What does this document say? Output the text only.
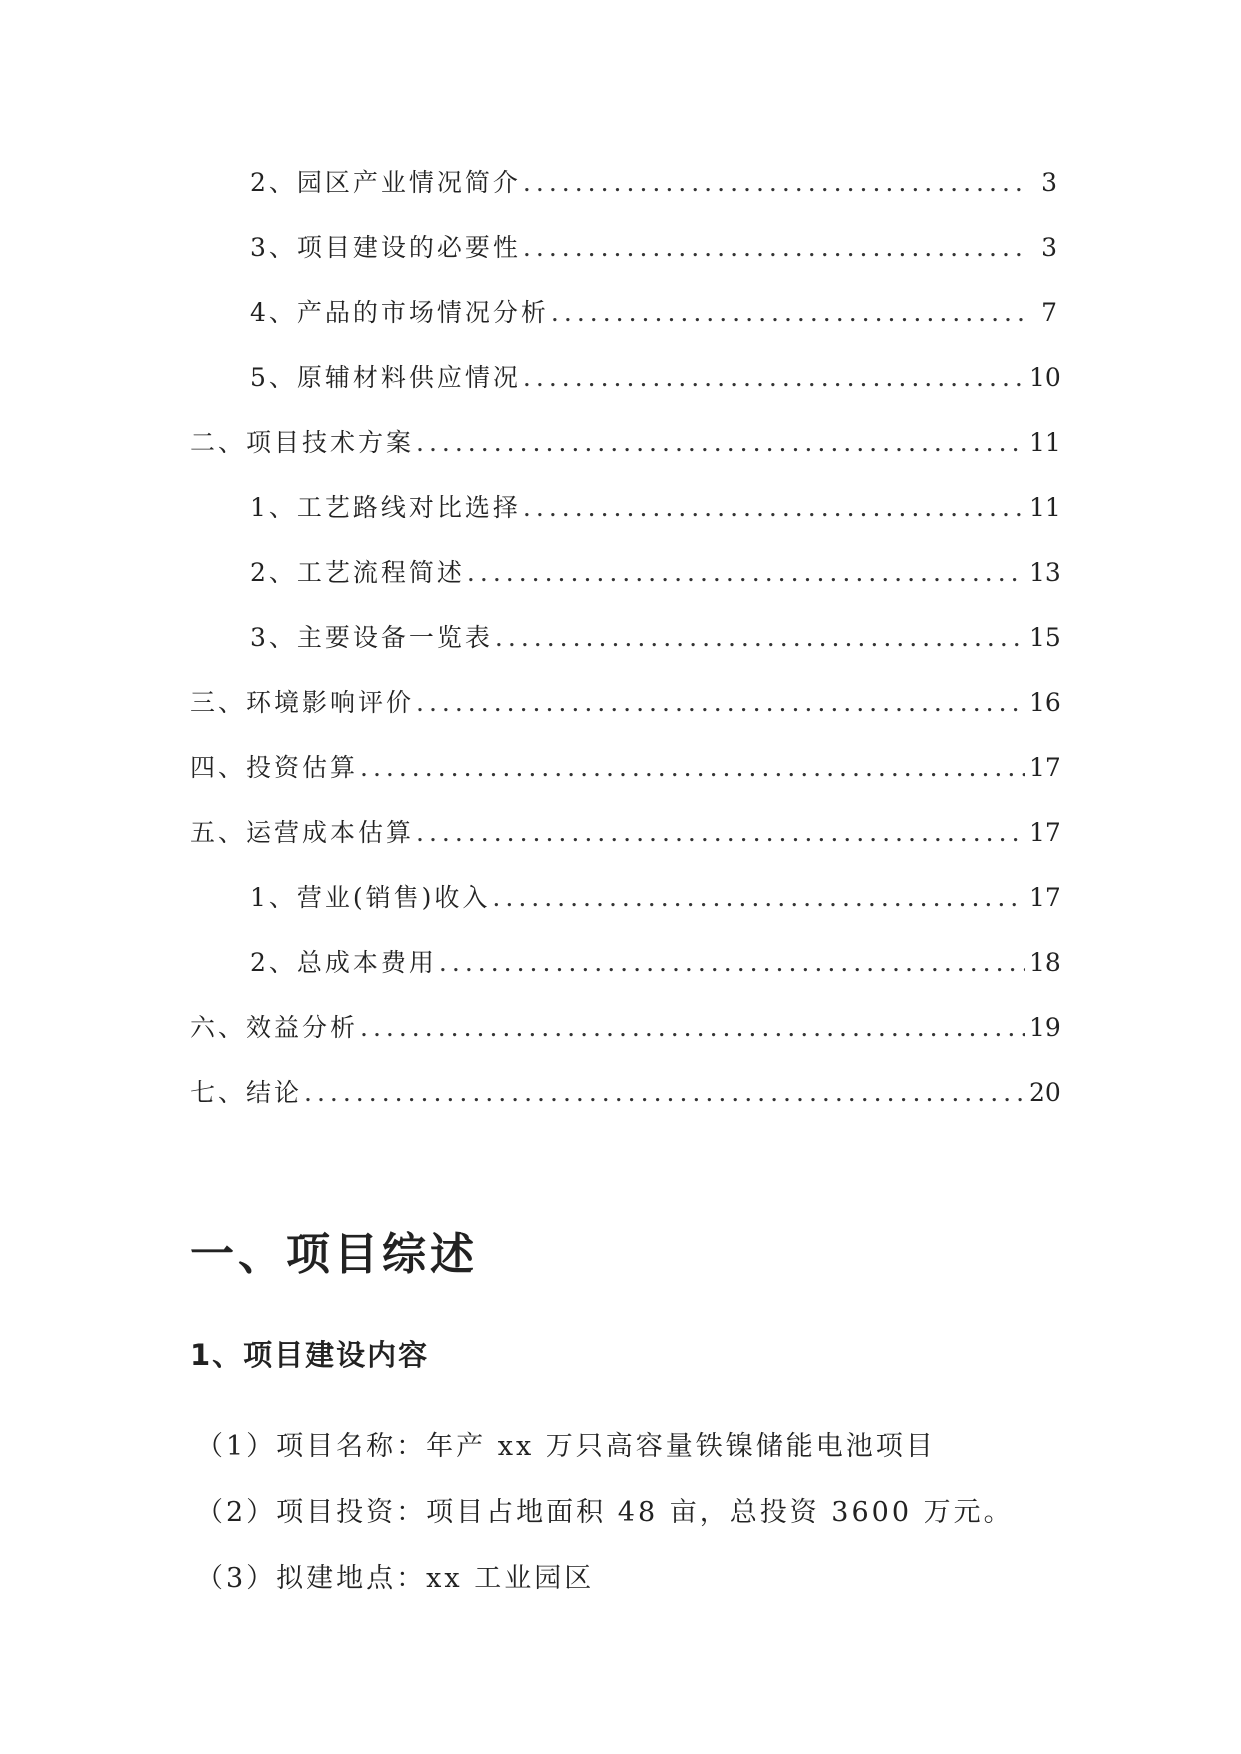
2、园区产业情况简介 .....	3
3、项目建设的必要性 .....	3
4、产品的市场情况分析 .....	7
5、原辅材料供应情况 .....	10
二、项目技术方案 .....	11
1、工艺路线对比选择 .....	11
2、工艺流程简述 .....	13
3、主要设备一览表 .....	15
三、环境影响评价 .....	16
四、投资估算 .....	17
五、运营成本估算 .....	17
1、营业(销售)收入 .....	17
2、总成本费用 .....	18
六、效益分析 .....	19
七、结论 .....	20
一、项目综述
1、项目建设内容

（1）项目名称：年产 xx 万只高容量铁镍储能电池项目

（2）项目投资：项目占地面积 48 亩，总投资 3600 万元。

（3）拟建地点：xx 工业园区
